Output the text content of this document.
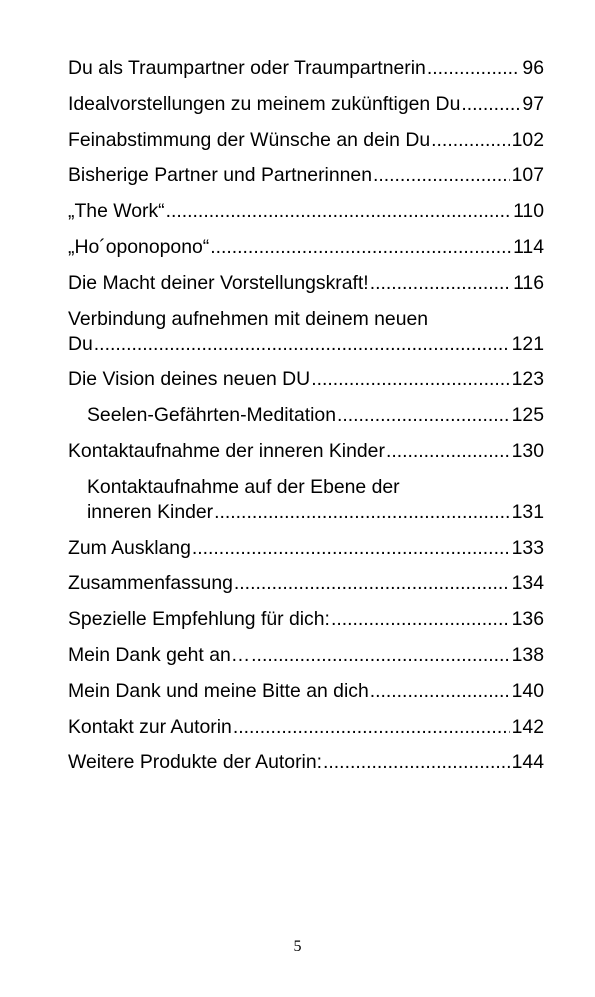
Du als Traumpartner oder Traumpartnerin .....	96
Idealvorstellungen zu meinem zukünftigen Du .....	97
Feinabstimmung der Wünsche an dein Du .....	102
Bisherige Partner und Partnerinnen .....	107
„The Work“ .....	110
„Ho´oponopono“ .....	114
Die Macht deiner Vorstellungskraft! .....	116
Verbindung aufnehmen mit deinem neuen
Du .....	121
Die Vision deines neuen DU .....	123
Seelen-Gefährten-Meditation .....	125
Kontaktaufnahme der inneren Kinder .....	130
Kontaktaufnahme auf der Ebene der
inneren Kinder .....	131
Zum Ausklang .....	133
Zusammenfassung .....	134
Spezielle Empfehlung für dich: .....	136
Mein Dank geht an… .....	138
Mein Dank und meine Bitte an dich .....	140
Kontakt zur Autorin .....	142
Weitere Produkte der Autorin: .....	144
5
